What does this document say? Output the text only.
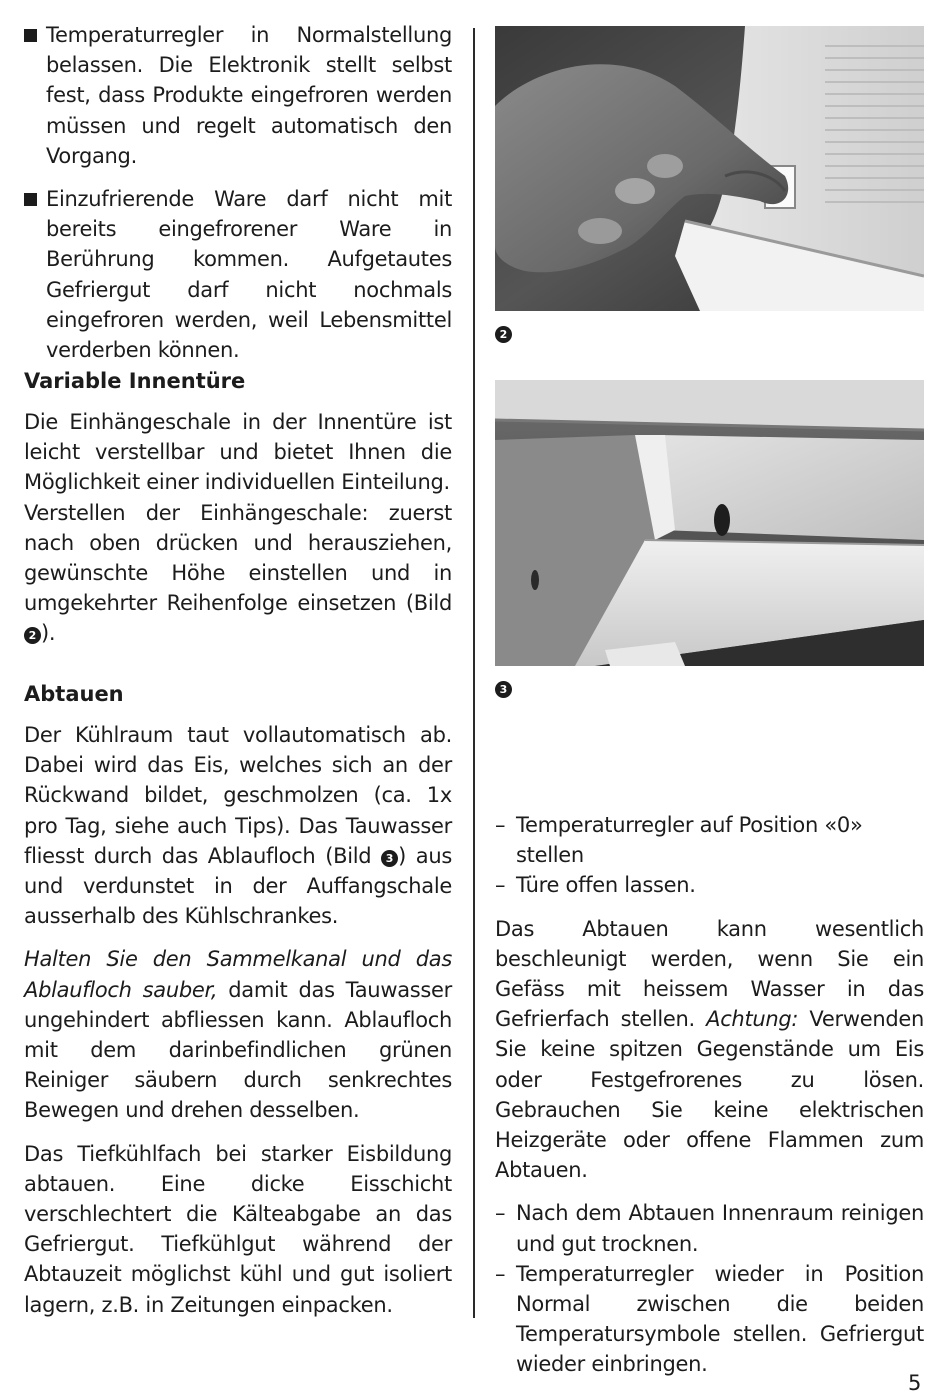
Temperaturregler in Normalstellung belassen. Die Elektronik stellt selbst fest, dass Produkte eingefroren werden müssen und regelt automatisch den Vorgang.
Einzufrierende Ware darf nicht mit bereits eingefrorener Ware in Berührung kommen. Aufgetautes Gefriergut darf nicht nochmals eingefroren werden, weil Lebensmittel verderben können.
Variable Innentüre

Die Einhängeschale in der Innentüre ist leicht verstellbar und bietet Ihnen die Möglichkeit einer individuellen Einteilung.

Verstellen der Einhängeschale: zuerst nach oben drücken und herausziehen, gewünschte Höhe einstellen und in umgekehrter Reihenfolge einsetzen (Bild 2 ).

Abtauen

Der Kühlraum taut vollautomatisch ab. Dabei wird das Eis, welches sich an der Rückwand bildet, geschmolzen (ca. 1x pro Tag, siehe auch Tips). Das Tauwasser fliesst durch das Ablaufloch (Bild 3 ) aus und verdunstet in der Auffangschale ausserhalb des Kühlschrankes.

Halten Sie den Sammelkanal und das Ablaufloch sauber, damit das Tauwasser ungehindert abfliessen kann. Ablaufloch mit dem darinbefindlichen grünen Reiniger säubern durch senkrechtes Bewegen und drehen desselben.

Das Tiefkühlfach bei starker Eisbildung abtauen. Eine dicke Eisschicht verschlechtert die Kälteabgabe an das Gefriergut. Tiefkühlgut während der Abtauzeit möglichst kühl und gut isoliert lagern, z.B. in Zeitungen einpacken.

2
3
– Temperaturregler auf Position «0» stellen
– Türe offen lassen.

Das Abtauen kann wesentlich beschleunigt werden, wenn Sie ein Gefäss mit heissem Wasser in das Gefrierfach stellen. Achtung: Verwenden Sie keine spitzen Gegenstände um Eis oder Festgefrorenes zu lösen. Gebrauchen Sie keine elektrischen Heizgeräte oder offene Flammen zum Abtauen.

– Nach dem Abtauen Innenraum reinigen und gut trocknen.
– Temperaturregler wieder in Position Normal zwischen die beiden Temperatursymbole stellen. Gefriergut wieder einbringen.
5
